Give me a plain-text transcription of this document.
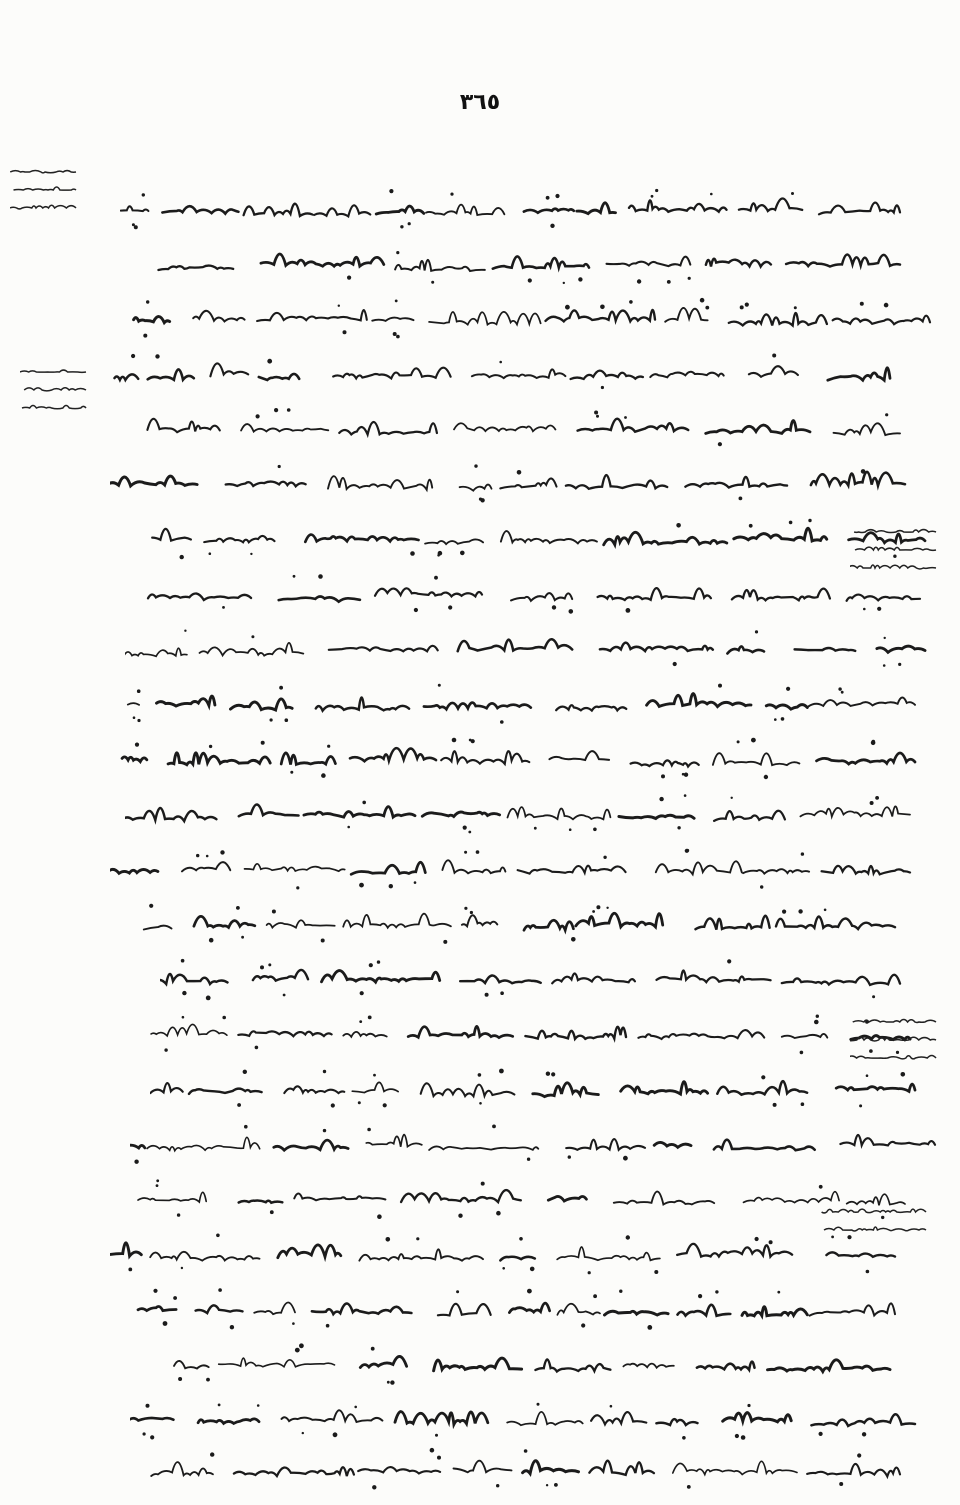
٣٦٥
